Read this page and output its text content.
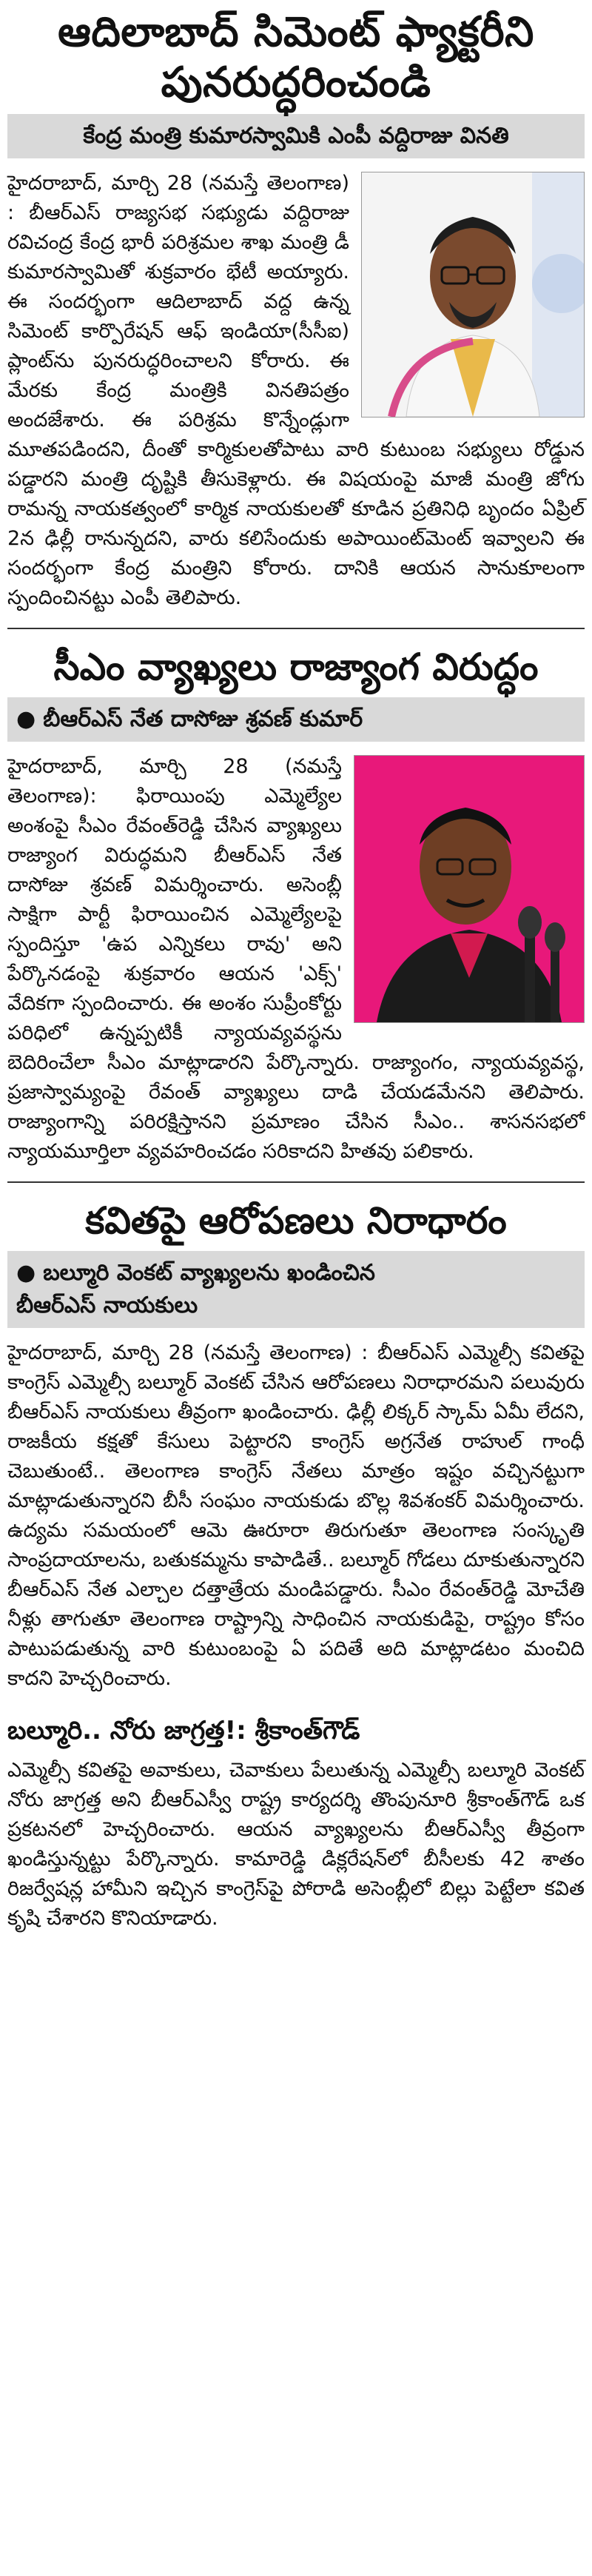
ఆదిలాబాద్ సిమెంట్ ఫ్యాక్టరీని
పునరుద్ధరించండి
కేంద్ర మంత్రి కుమారస్వామికి ఎంపీ వద్దిరాజు వినతి

హైదరాబాద్, మార్చి 28 (నమస్తే తెలంగాణ) : బీఆర్‌ఎస్ రాజ్యసభ సభ్యుడు వద్దిరాజు రవిచంద్ర కేంద్ర భారీ పరిశ్రమల శాఖ మంత్రి డీ కుమారస్వామితో శుక్రవారం భేటీ అయ్యారు. ఈ సందర్భంగా ఆదిలాబాద్ వద్ద ఉన్న సిమెంట్ కార్పొరేషన్ ఆఫ్ ఇండియా(సీసీఐ) ప్లాంట్‌ను పునరుద్ధరించాలని కోరారు. ఈ మేరకు కేంద్ర మంత్రికి వినతిపత్రం అందజేశారు. ఈ పరిశ్రమ కొన్నేండ్లుగా మూతపడిందని, దీంతో కార్మికులతోపాటు వారి కుటుంబ సభ్యులు రోడ్డున పడ్డారని మంత్రి దృష్టికి తీసుకెళ్లారు. ఈ విషయంపై మాజీ మంత్రి జోగు రామన్న నాయకత్వంలో కార్మిక నాయకులతో కూడిన ప్రతినిధి బృందం ఏప్రిల్ 2న ఢిల్లీ రానున్నదని, వారు కలిసేందుకు అపాయింట్‌మెంట్ ఇవ్వాలని ఈ సందర్భంగా కేంద్ర మంత్రిని కోరారు. దానికి ఆయన సానుకూలంగా స్పందించినట్టు ఎంపీ తెలిపారు.

సీఎం వ్యాఖ్యలు రాజ్యాంగ విరుద్ధం
● బీఆర్‌ఎస్ నేత దాసోజు శ్రవణ్ కుమార్

హైదరాబాద్, మార్చి 28 (నమస్తే తెలంగాణ): ఫిరాయింపు ఎమ్మెల్యేల అంశంపై సీఎం రేవంత్‌రెడ్డి చేసిన వ్యాఖ్యలు రాజ్యాంగ విరుద్ధమని బీఆర్‌ఎస్ నేత దాసోజు శ్రవణ్ విమర్శించారు. అసెంబ్లీ సాక్షిగా పార్టీ ఫిరాయించిన ఎమ్మెల్యేలపై స్పందిస్తూ 'ఉప ఎన్నికలు రావు' అని పేర్కొనడంపై శుక్రవారం ఆయన 'ఎక్స్' వేదికగా స్పందించారు. ఈ అంశం సుప్రీంకోర్టు పరిధిలో ఉన్నప్పటికీ న్యాయవ్యవస్థను బెదిరించేలా సీఎం మాట్లాడారని పేర్కొన్నారు. రాజ్యాంగం, న్యాయవ్యవస్థ, ప్రజాస్వామ్యంపై రేవంత్ వ్యాఖ్యలు దాడి చేయడమేనని తెలిపారు. రాజ్యాంగాన్ని పరిరక్షిస్తానని ప్రమాణం చేసిన సీఎం.. శాసనసభలో న్యాయమూర్తిలా వ్యవహరించడం సరికాదని హితవు పలికారు.

కవితపై ఆరోపణలు నిరాధారం
● బల్మూరి వెంకట్ వ్యాఖ్యలను ఖండించిన
బీఆర్‌ఎస్ నాయకులు

హైదరాబాద్, మార్చి 28 (నమస్తే తెలంగాణ) : బీఆర్‌ఎస్ ఎమ్మెల్సీ కవితపై కాంగ్రెస్ ఎమ్మెల్సీ బల్మూర్ వెంకట్ చేసిన ఆరోపణలు నిరాధారమని పలువురు బీఆర్‌ఎస్ నాయకులు తీవ్రంగా ఖండించారు. ఢిల్లీ లిక్కర్ స్కామ్ ఏమీ లేదని, రాజకీయ కక్షతో కేసులు పెట్టారని కాంగ్రెస్ అగ్రనేత రాహుల్ గాంధీ చెబుతుంటే.. తెలంగాణ కాంగ్రెస్ నేతలు మాత్రం ఇష్టం వచ్చినట్టుగా మాట్లాడుతున్నారని బీసీ సంఘం నాయకుడు బొల్ల శివశంకర్ విమర్శించారు. ఉద్యమ సమయంలో ఆమె ఊరూరా తిరుగుతూ తెలంగాణ సంస్కృతి సాంప్రదాయాలను, బతుకమ్మను కాపాడితే.. బల్మూర్ గోడలు దూకుతున్నారని బీఆర్‌ఎస్ నేత ఎల్చాల దత్తాత్రేయ మండిపడ్డారు. సీఎం రేవంత్‌రెడ్డి మోచేతి నీళ్లు తాగుతూ తెలంగాణ రాష్ట్రాన్ని సాధించిన నాయకుడిపై, రాష్ట్రం కోసం పాటుపడుతున్న వారి కుటుంబంపై ఏ పదితే అది మాట్లాడటం మంచిది కాదని హెచ్చరించారు.

బల్మూరి.. నోరు జాగ్రత్త!: శ్రీకాంత్‌గౌడ్

ఎమ్మెల్సీ కవితపై అవాకులు, చెవాకులు పేలుతున్న ఎమ్మెల్సీ బల్మూరి వెంకట్ నోరు జాగ్రత్త అని బీఆర్‌ఎస్వీ రాష్ట్ర కార్యదర్శి తొంపునూరి శ్రీకాంత్‌గౌడ్ ఒక ప్రకటనలో హెచ్చరించారు. ఆయన వ్యాఖ్యలను బీఆర్‌ఎస్వీ తీవ్రంగా ఖండిస్తున్నట్టు పేర్కొన్నారు. కామారెడ్డి డిక్లరేషన్‌లో బీసీలకు 42 శాతం రిజర్వేషన్ల హామీని ఇచ్చిన కాంగ్రెస్‌పై పోరాడి అసెంబ్లీలో బిల్లు పెట్టేలా కవిత కృషి చేశారని కొనియాడారు.
